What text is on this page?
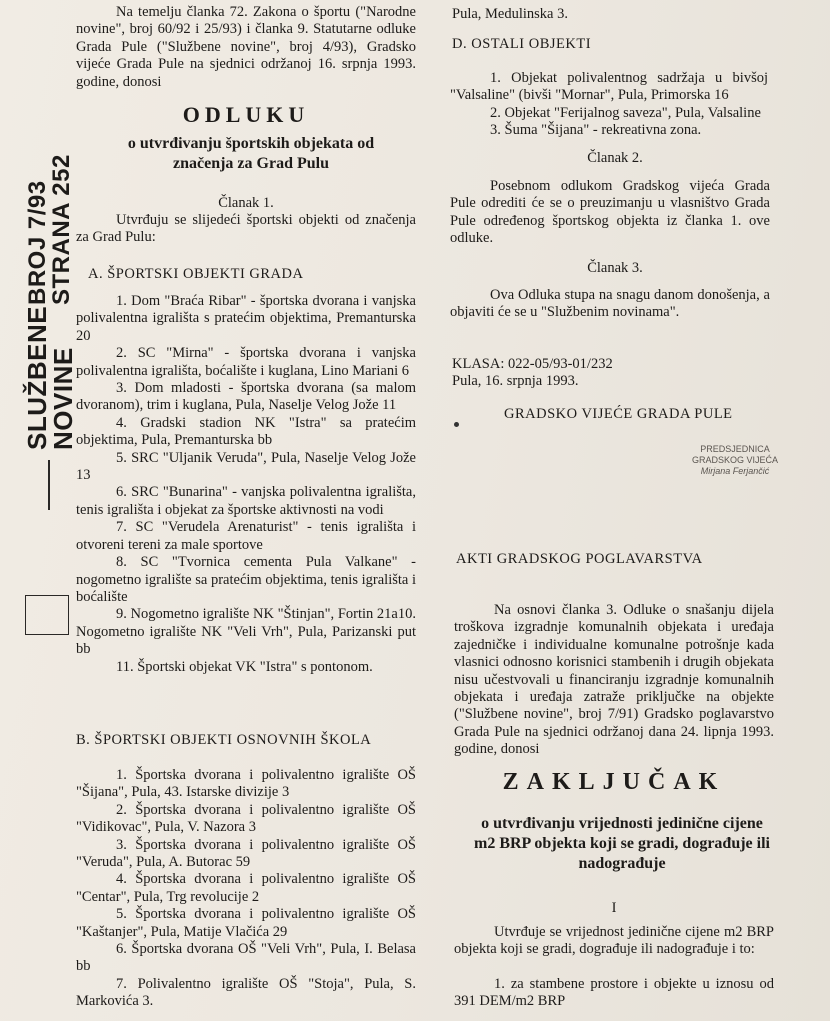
SLUŽBENE
NOVINE
BROJ 7/93
STRANA 252

Na temelju članka 72. Zakona o športu ("Narodne novine", broj 60/92 i 25/93) i članka 9. Statutarne odluke Grada Pule ("Službene novine", broj 4/93), Gradsko vijeće Grada Pule na sjednici održanoj 16. srpnja 1993. godine, donosi

ODLUKU

o utvrđivanju športskih objekata od značenja za Grad Pulu

Članak 1.

Utvrđuju se slijedeći športski objekti od značenja za Grad Pulu:

A. ŠPORTSKI OBJEKTI GRADA

1. Dom "Braća Ribar" - športska dvorana i vanjska polivalentna igrališta s pratećim objektima, Premanturska 20

2. SC "Mirna" - športska dvorana i vanjska polivalentna igrališta, boćalište i kuglana, Lino Mariani 6

3. Dom mladosti - športska dvorana (sa malom dvoranom), trim i kuglana, Pula, Naselje Velog Jože 11

4. Gradski stadion NK "Istra" sa pratećim objektima, Pula, Premanturska bb

5. SRC "Uljanik Veruda", Pula, Naselje Velog Jože 13

6. SRC "Bunarina" - vanjska polivalentna igrališta, tenis igrališta i objekat za športske aktivnosti na vodi

7. SC "Verudela Arenaturist" - tenis igrališta i otvoreni tereni za male sportove

8. SC "Tvornica cementa Pula Valkane" - nogometno igralište sa pratećim objektima, tenis igrališta i boćalište

9. Nogometno igralište NK "Štinjan", Fortin 21a10. Nogometno igralište NK "Veli Vrh", Pula, Parizanski put bb

11. Športski objekat VK "Istra" s pontonom.

B. ŠPORTSKI OBJEKTI OSNOVNIH ŠKOLA

1. Športska dvorana i polivalentno igralište OŠ "Šijana", Pula, 43. Istarske divizije 3

2. Športska dvorana i polivalentno igralište OŠ "Vidikovac", Pula, V. Nazora 3

3. Športska dvorana i polivalentno igralište OŠ "Veruda", Pula, A. Butorac 59

4. Športska dvorana i polivalentno igralište OŠ "Centar", Pula, Trg revolucije 2

5. Športska dvorana i polivalentno igralište OŠ "Kaštanjer", Pula, Matije Vlačića 29

6. Športska dvorana OŠ "Veli Vrh", Pula, I. Belasa bb

7. Polivalentno igralište OŠ "Stoja", Pula, S. Markovića 3.

Pula, Medulinska 3.

D. OSTALI OBJEKTI

1. Objekat polivalentnog sadržaja u bivšoj "Valsaline" (bivši "Mornar", Pula, Primorska 16

2. Objekat "Ferijalnog saveza", Pula, Valsaline

3. Šuma "Šijana" - rekreativna zona.

Članak 2.

Posebnom odlukom Gradskog vijeća Grada Pule odrediti će se o preuzimanju u vlasništvo Grada Pule određenog športskog objekta iz članka 1. ove odluke.

Članak 3.

Ova Odluka stupa na snagu danom donošenja, a objaviti će se u "Službenim novinama".

KLASA: 022-05/93-01/232

Pula, 16. srpnja 1993.

GRADSKO VIJEĆE GRADA PULE

PREDSJEDNICA

GRADSKOG VIJEĆA

Mirjana Ferjančić

AKTI GRADSKOG POGLAVARSTVA

Na osnovi članka 3. Odluke o snašanju dijela troškova izgradnje komunalnih objekata i uređaja zajedničke i individualne komunalne potrošnje kada vlasnici odnosno korisnici stambenih i drugih objekata nisu učestvovali u financiranju izgradnje komunalnih objekata i uređaja zatraže priključke na objekte ("Službene novine", broj 7/91) Gradsko poglavarstvo Grada Pule na sjednici održanoj dana 24. lipnja 1993. godine, donosi

ZAKLJUČAK

o utvrđivanju vrijednosti jedinične cijene m2 BRP objekta koji se gradi, dograđuje ili nadograđuje

I

Utvrđuje se vrijednost jedinične cijene m2 BRP objekta koji se gradi, dograđuje ili nadograđuje i to:

1. za stambene prostore i objekte u iznosu od 391 DEM/m2 BRP
